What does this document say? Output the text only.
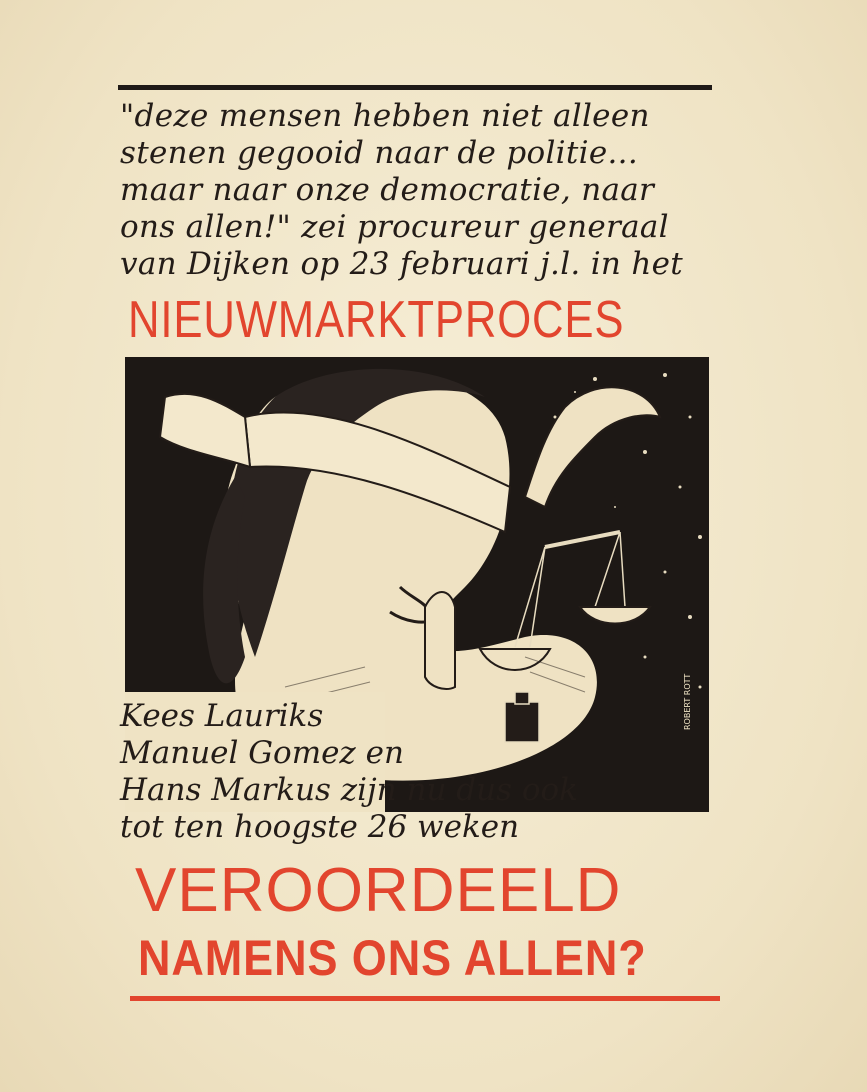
"deze mensen hebben niet alleen
stenen gegooid naar de politie...
maar naar onze democratie, naar
ons allen!" zei procureur generaal
van Dijken op 23 februari j.l. in het
NIEUWMARKTPROCES
ROBERT ROTT
Kees Lauriks
Manuel Gomez en
Hans Markus zijn nu dus ook
tot ten hoogste 26 weken
VEROORDEELD
NAMENS ONS ALLEN?
